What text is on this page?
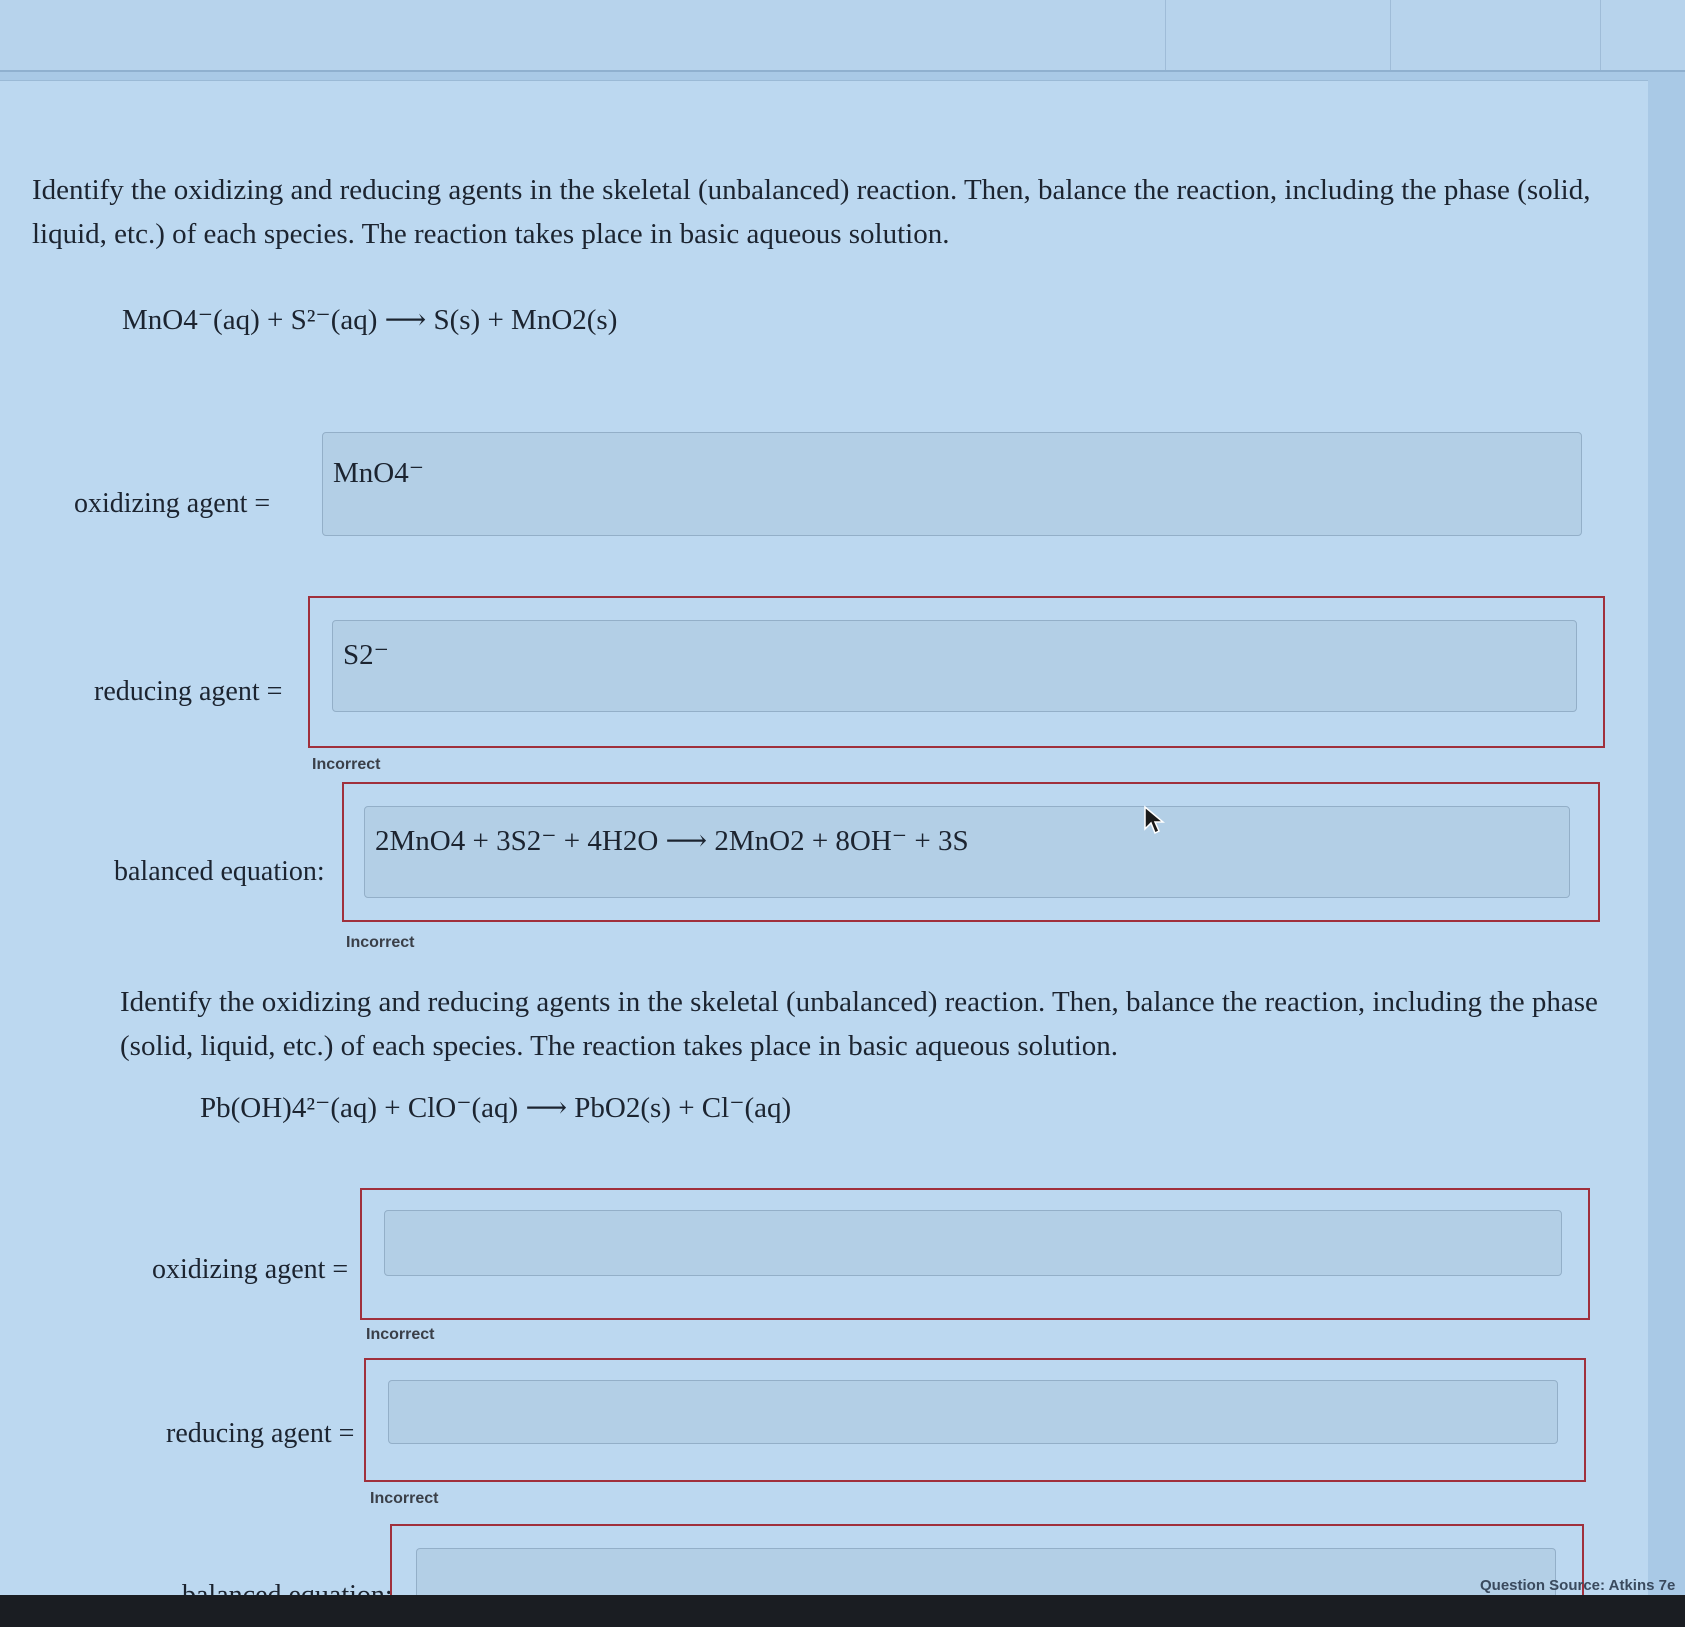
Identify the oxidizing and reducing agents in the skeletal (unbalanced) reaction. Then, balance the reaction, including the phase (solid, liquid, etc.) of each species. The reaction takes place in basic aqueous solution.
MnO4⁻(aq) + S²⁻(aq) ⟶ S(s) + MnO2(s)
oxidizing agent =
MnO4⁻
reducing agent =
S2⁻
Incorrect
balanced equation:
2MnO4 + 3S2⁻ + 4H2O ⟶ 2MnO2 + 8OH⁻ + 3S
Incorrect
Identify the oxidizing and reducing agents in the skeletal (unbalanced) reaction. Then, balance the reaction, including the phase (solid, liquid, etc.) of each species. The reaction takes place in basic aqueous solution.
Pb(OH)4²⁻(aq) + ClO⁻(aq) ⟶ PbO2(s) + Cl⁻(aq)
oxidizing agent =
Incorrect
reducing agent =
Incorrect
Question Source: Atkins 7e
